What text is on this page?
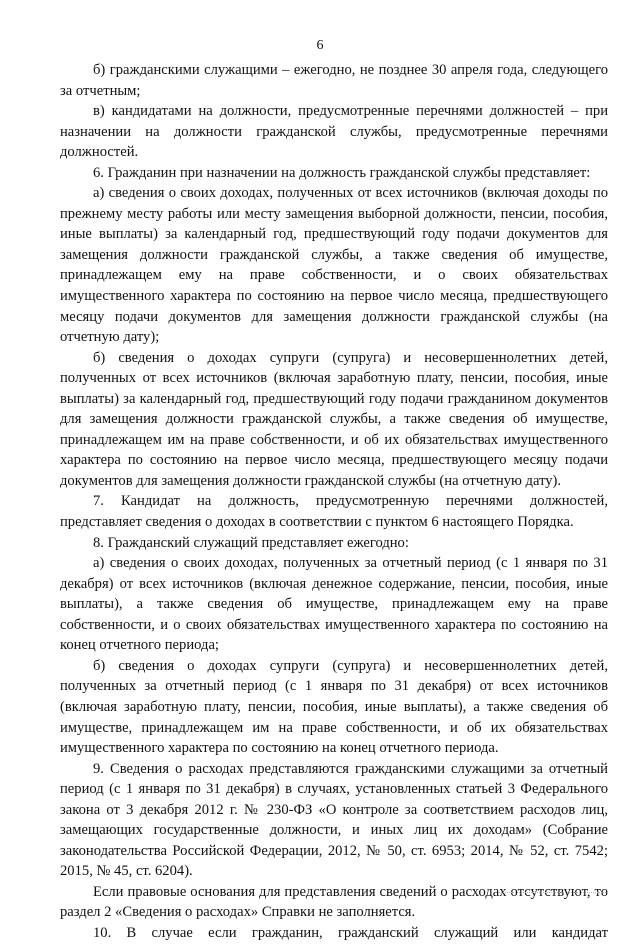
6

б) гражданскими служащими – ежегодно, не позднее 30 апреля года, следующего за отчетным;

в) кандидатами на должности, предусмотренные перечнями должностей – при назначении на должности гражданской службы, предусмотренные перечнями должностей.

6. Гражданин при назначении на должность гражданской службы представляет:

а) сведения о своих доходах, полученных от всех источников (включая доходы по прежнему месту работы или месту замещения выборной должности, пенсии, пособия, иные выплаты) за календарный год, предшествующий году подачи документов для замещения должности гражданской службы, а также сведения об имуществе, принадлежащем ему на праве собственности, и о своих обязательствах имущественного характера по состоянию на первое число месяца, предшествующего месяцу подачи документов для замещения должности гражданской службы (на отчетную дату);

б) сведения о доходах супруги (супруга) и несовершеннолетних детей, полученных от всех источников (включая заработную плату, пенсии, пособия, иные выплаты) за календарный год, предшествующий году подачи гражданином документов для замещения должности гражданской службы, а также сведения об имуществе, принадлежащем им на праве собственности, и об их обязательствах имущественного характера по состоянию на первое число месяца, предшествующего месяцу подачи документов для замещения должности гражданской службы (на отчетную дату).

7. Кандидат на должность, предусмотренную перечнями должностей, представляет сведения о доходах в соответствии с пунктом 6 настоящего Порядка.

8. Гражданский служащий представляет ежегодно:

а) сведения о своих доходах, полученных за отчетный период (с 1 января по 31 декабря) от всех источников (включая денежное содержание, пенсии, пособия, иные выплаты), а также сведения об имуществе, принадлежащем ему на праве собственности, и о своих обязательствах имущественного характера по состоянию на конец отчетного периода;

б) сведения о доходах супруги (супруга) и несовершеннолетних детей, полученных за отчетный период (с 1 января по 31 декабря) от всех источников (включая заработную плату, пенсии, пособия, иные выплаты), а также сведения об имуществе, принадлежащем им на праве собственности, и об их обязательствах имущественного характера по состоянию на конец отчетного периода.

9. Сведения о расходах представляются гражданскими служащими за отчетный период (с 1 января по 31 декабря) в случаях, установленных статьей 3 Федерального закона от 3 декабря 2012 г. № 230-ФЗ «О контроле за соответствием расходов лиц, замещающих государственные должности, и иных лиц их доходам» (Собрание законодательства Российской Федерации, 2012, № 50, ст. 6953; 2014, № 52, ст. 7542; 2015, № 45, ст. 6204).

Если правовые основания для представления сведений о расходах отсутствуют, то раздел 2 «Сведения о расходах» Справки не заполняется.

10. В случае если гражданин, гражданский служащий или кандидат
